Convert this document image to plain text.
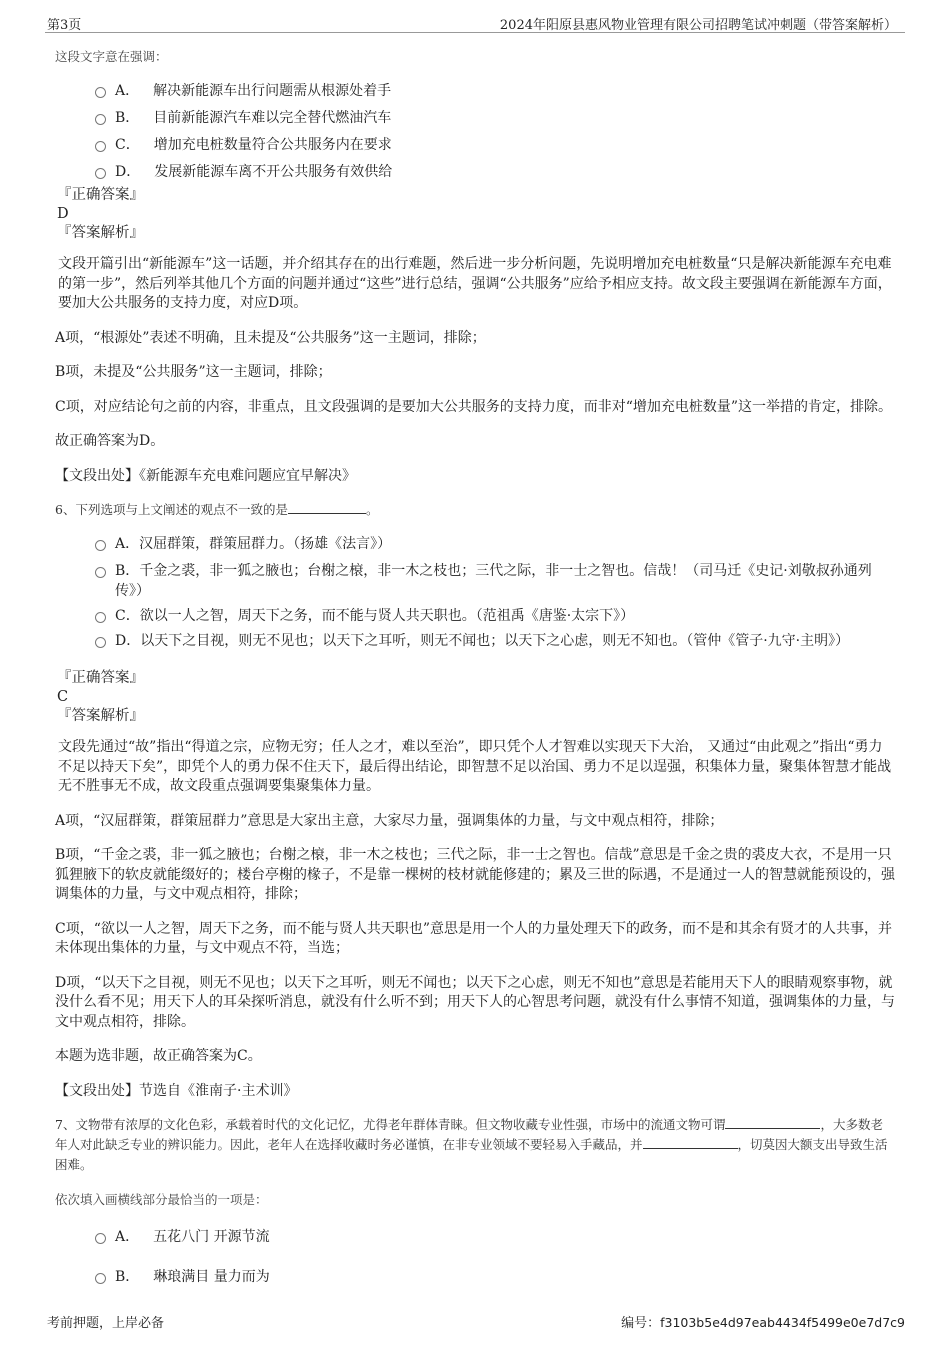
第3页	2024年阳原县惠风物业管理有限公司招聘笔试冲刺题（带答案解析）
这段文字意在强调：
A． 解决新能源车出行问题需从根源处着手
B． 目前新能源汽车难以完全替代燃油汽车
C． 增加充电桩数量符合公共服务内在要求
D． 发展新能源车离不开公共服务有效供给
『正确答案』
D
『答案解析』

文段开篇引出“新能源车”这一话题，并介绍其存在的出行难题，然后进一步分析问题，先说明增加充电桩数量“只是解决新能源车充电难的第一步”，然后列举其他几个方面的问题并通过“这些”进行总结，强调“公共服务”应给予相应支持。故文段主要强调在新能源车方面，要加大公共服务的支持力度，对应D项。

A项，“根源处”表述不明确，且未提及“公共服务”这一主题词，排除；

B项，未提及“公共服务”这一主题词，排除；

C项，对应结论句之前的内容，非重点，且文段强调的是要加大公共服务的支持力度，而非对“增加充电桩数量”这一举措的肯定，排除。

故正确答案为D。

【文段出处】《新能源车充电难问题应宜早解决》

6、下列选项与上文阐述的观点不一致的是	。
A．汉屈群策，群策屈群力。（扬雄《法言》）
B．千金之裘，非一狐之腋也；台榭之榱，非一木之枝也；三代之际，非一士之智也。信哉！（司马迁《史记·刘敬叔孙通列传》）
C．欲以一人之智，周天下之务，而不能与贤人共天职也。（范祖禹《唐鉴·太宗下》）
D．以天下之目视，则无不见也；以天下之耳听，则无不闻也；以天下之心虑，则无不知也。（管仲《管子·九守·主明》）
『正确答案』
C
『答案解析』

文段先通过“故”指出“得道之宗，应物无穷；任人之才，难以至治”，即只凭个人才智难以实现天下大治， 又通过“由此观之”指出“勇力不足以持天下矣”，即凭个人的勇力保不住天下，最后得出结论，即智慧不足以治国、勇力不足以逞强，积集体力量，聚集体智慧才能战无不胜事无不成，故文段重点强调要集聚集体力量。

A项，“汉屈群策，群策屈群力”意思是大家出主意，大家尽力量，强调集体的力量，与文中观点相符，排除；

B项，“千金之裘，非一狐之腋也；台榭之榱，非一木之枝也；三代之际，非一士之智也。信哉”意思是千金之贵的裘皮大衣，不是用一只狐狸腋下的软皮就能缀好的；楼台亭榭的椽子，不是靠一棵树的枝材就能修建的；累及三世的际遇，不是通过一人的智慧就能预设的，强调集体的力量，与文中观点相符，排除；

C项，“欲以一人之智，周天下之务，而不能与贤人共天职也”意思是用一个人的力量处理天下的政务，而不是和其余有贤才的人共事，并未体现出集体的力量，与文中观点不符，当选；

D项，“以天下之目视，则无不见也；以天下之耳听，则无不闻也；以天下之心虑，则无不知也”意思是若能用天下人的眼睛观察事物，就没什么看不见；用天下人的耳朵探听消息，就没有什么听不到；用天下人的心智思考问题，就没有什么事情不知道，强调集体的力量，与文中观点相符，排除。

本题为选非题，故正确答案为C。

【文段出处】节选自《淮南子·主术训》

7、文物带有浓厚的文化色彩，承载着时代的文化记忆，尤得老年群体青睐。但文物收藏专业性强，市场中的流通文物可谓	，大多数老年人对此缺乏专业的辨识能力。因此，老年人在选择收藏时务必谨慎，在非专业领域不要轻易入手藏品，并	，切莫因大额支出导致生活困难。
依次填入画横线部分最恰当的一项是：
A． 五花八门 开源节流
B． 琳琅满目 量力而为
考前押题，上岸必备	编号：f3103b5e4d97eab4434f5499e0e7d7c9
